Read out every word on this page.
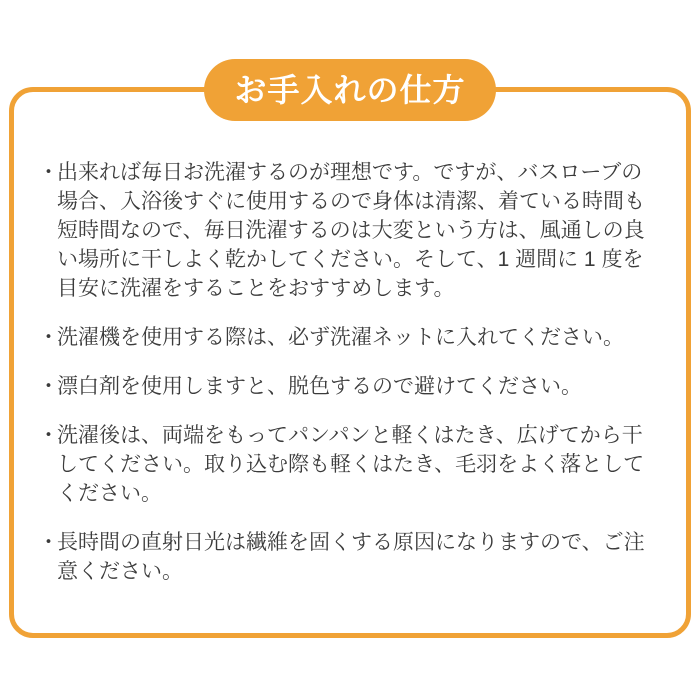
お手入れの仕方
・
出来れば毎日お洗濯するのが理想です。ですが、バスローブの場合、入浴後すぐに使用するので身体は清潔、着ている時間も短時間なので、毎日洗濯するのは大変という方は、風通しの良い場所に干しよく乾かしてください。そして、1 週間に 1 度を目安に洗濯をすることをおすすめします。
・
洗濯機を使用する際は、必ず洗濯ネットに入れてください。
・
漂白剤を使用しますと、脱色するので避けてください。
・
洗濯後は、両端をもってパンパンと軽くはたき、広げてから干してください。取り込む際も軽くはたき、毛羽をよく落としてください。
・
長時間の直射日光は繊維を固くする原因になりますので、ご注意ください。
